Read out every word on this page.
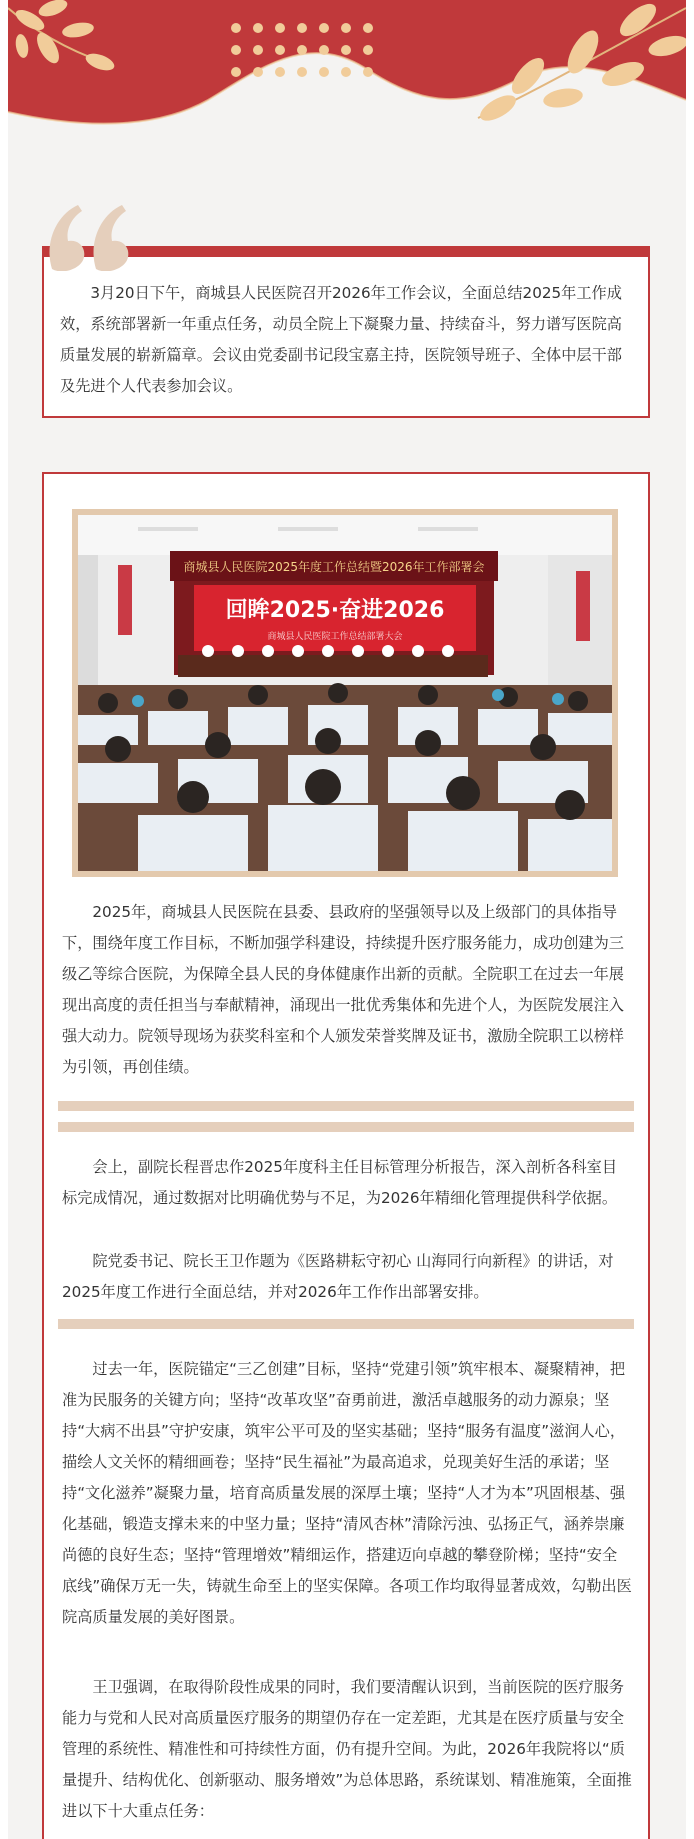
3月20日下午，商城县人民医院召开2026年工作会议，全面总结2025年工作成效，系统部署新一年重点任务，动员全院上下凝聚力量、持续奋斗，努力谱写医院高质量发展的崭新篇章。会议由党委副书记段宝嘉主持，医院领导班子、全体中层干部及先进个人代表参加会议。

商城县人民医院2025年度工作总结暨2026年工作部署会
回眸2025·奋进2026
商城县人民医院工作总结部署大会

2025年，商城县人民医院在县委、县政府的坚强领导以及上级部门的具体指导下，围绕年度工作目标，不断加强学科建设，持续提升医疗服务能力，成功创建为三级乙等综合医院，为保障全县人民的身体健康作出新的贡献。全院职工在过去一年展现出高度的责任担当与奉献精神，涌现出一批优秀集体和先进个人，为医院发展注入强大动力。院领导现场为获奖科室和个人颁发荣誉奖牌及证书，激励全院职工以榜样为引领，再创佳绩。

会上，副院长程晋忠作2025年度科主任目标管理分析报告，深入剖析各科室目标完成情况，通过数据对比明确优势与不足，为2026年精细化管理提供科学依据。

院党委书记、院长王卫作题为《医路耕耘守初心 山海同行向新程》的讲话，对2025年度工作进行全面总结，并对2026年工作作出部署安排。

过去一年，医院锚定“三乙创建”目标，坚持“党建引领”筑牢根本、凝聚精神，把准为民服务的关键方向；坚持“改革攻坚”奋勇前进，激活卓越服务的动力源泉；坚持“大病不出县”守护安康，筑牢公平可及的坚实基础；坚持“服务有温度”滋润人心，描绘人文关怀的精细画卷；坚持“民生福祉”为最高追求，兑现美好生活的承诺；坚持“文化滋养”凝聚力量，培育高质量发展的深厚土壤；坚持“人才为本”巩固根基、强化基础，锻造支撑未来的中坚力量；坚持“清风杏林”清除污浊、弘扬正气，涵养崇廉尚德的良好生态；坚持“管理增效”精细运作，搭建迈向卓越的攀登阶梯；坚持“安全底线”确保万无一失，铸就生命至上的坚实保障。各项工作均取得显著成效，勾勒出医院高质量发展的美好图景。

王卫强调，在取得阶段性成果的同时，我们要清醒认识到，当前医院的医疗服务能力与党和人民对高质量医疗服务的期望仍存在一定差距，尤其是在医疗质量与安全管理的系统性、精准性和可持续性方面，仍有提升空间。为此，2026年我院将以“质量提升、结构优化、创新驱动、服务增效”为总体思路，系统谋划、精准施策，全面推进以下十大重点任务：
